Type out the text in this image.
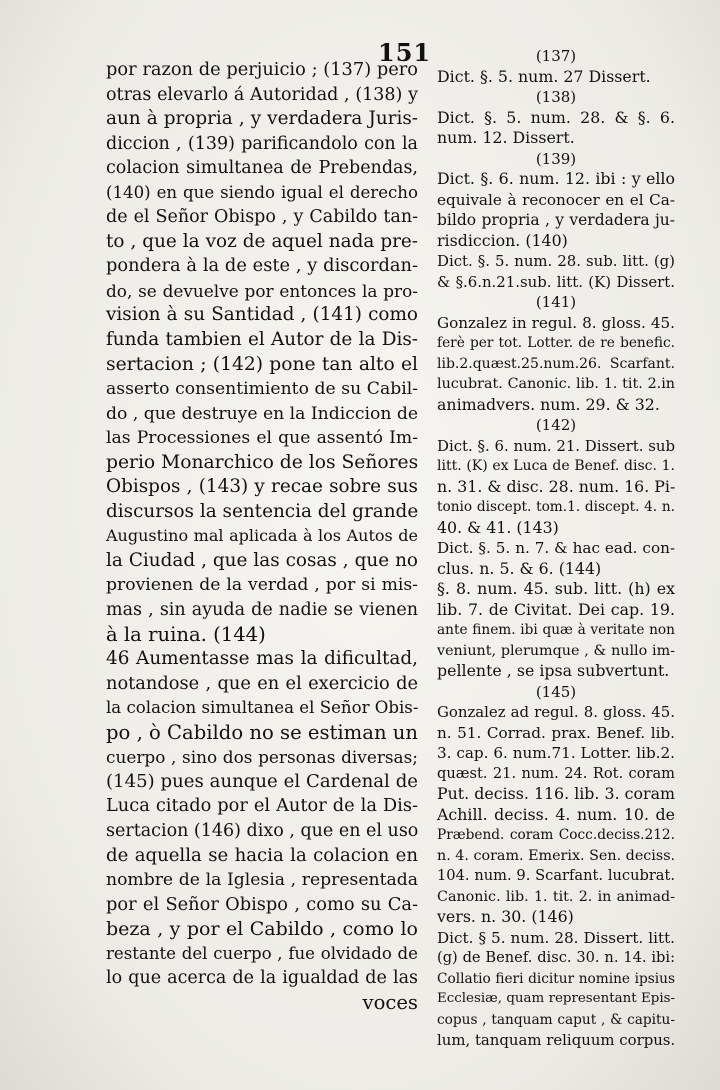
151
por razon de perjuicio ; (137) pero
otras elevarlo á Autoridad , (138) y
aun à propria , y verdadera Juris-
diccion , (139) parificandolo con la
colacion simultanea de Prebendas,
(140) en que siendo igual el derecho
de el Señor Obispo , y Cabildo tan-
to , que la voz de aquel nada pre-
pondera à la de este , y discordan-
do, se devuelve por entonces la pro-
vision à su Santidad , (141) como
funda tambien el Autor de la Dis-
sertacion ; (142) pone tan alto el
asserto consentimiento de su Cabil-
do , que destruye en la Indiccion de
las Processiones el que assentó Im-
perio Monarchico de los Señores
Obispos , (143) y recae sobre sus
discursos la sentencia del grande
Augustino mal aplicada à los Autos de
la Ciudad , que las cosas , que no
provienen de la verdad , por si mis-
mas , sin ayuda de nadie se vienen
à la ruina. (144)
46 Aumentasse mas la dificultad,
notandose , que en el exercicio de
la colacion simultanea el Señor Obis-
po , ò Cabildo no se estiman un
cuerpo , sino dos personas diversas;
(145) pues aunque el Cardenal de
Luca citado por el Autor de la Dis-
sertacion (146) dixo , que en el uso
de aquella se hacia la colacion en
nombre de la Iglesia , representada
por el Señor Obispo , como su Ca-
beza , y por el Cabildo , como lo
restante del cuerpo , fue olvidado de
lo que acerca de la igualdad de las
voces
(137)
Dict. §. 5. num. 27 Dissert.
(138)
Dict. §. 5. num. 28. & §. 6.
num. 12. Dissert.
(139)
Dict. §. 6. num. 12. ibi : y ello
equivale à reconocer en el Ca-
bildo propria , y verdadera ju-
risdiccion. (140)
Dict. §. 5. num. 28. sub. litt. (g)
& §.6.n.21.sub. litt. (K) Dissert.
(141)
Gonzalez in regul. 8. gloss. 45.
ferè per tot. Lotter. de re benefic.
lib.2.quæst.25.num.26. Scarfant.
lucubrat. Canonic. lib. 1. tit. 2.in
animadvers. num. 29. & 32.
(142)
Dict. §. 6. num. 21. Dissert. sub
litt. (K) ex Luca de Benef. disc. 1.
n. 31. & disc. 28. num. 16. Pi-
tonio discept. tom.1. discept. 4. n.
40. & 41. (143)
Dict. §. 5. n. 7. & hac ead. con-
clus. n. 5. & 6. (144)
§. 8. num. 45. sub. litt. (h) ex
lib. 7. de Civitat. Dei cap. 19.
ante finem. ibi quæ à veritate non
veniunt, plerumque , & nullo im-
pellente , se ipsa subvertunt.
(145)
Gonzalez ad regul. 8. gloss. 45.
n. 51. Corrad. prax. Benef. lib.
3. cap. 6. num.71. Lotter. lib.2.
quæst. 21. num. 24. Rot. coram
Put. deciss. 116. lib. 3. coram
Achill. deciss. 4. num. 10. de
Præbend. coram Cocc.deciss.212.
n. 4. coram. Emerix. Sen. deciss.
104. num. 9. Scarfant. lucubrat.
Canonic. lib. 1. tit. 2. in animad-
vers. n. 30. (146)
Dict. § 5. num. 28. Dissert. litt.
(g) de Benef. disc. 30. n. 14. ibi:
Collatio fieri dicitur nomine ipsius
Ecclesiæ, quam representant Epis-
copus , tanquam caput , & capitu-
lum, tanquam reliquum corpus.
